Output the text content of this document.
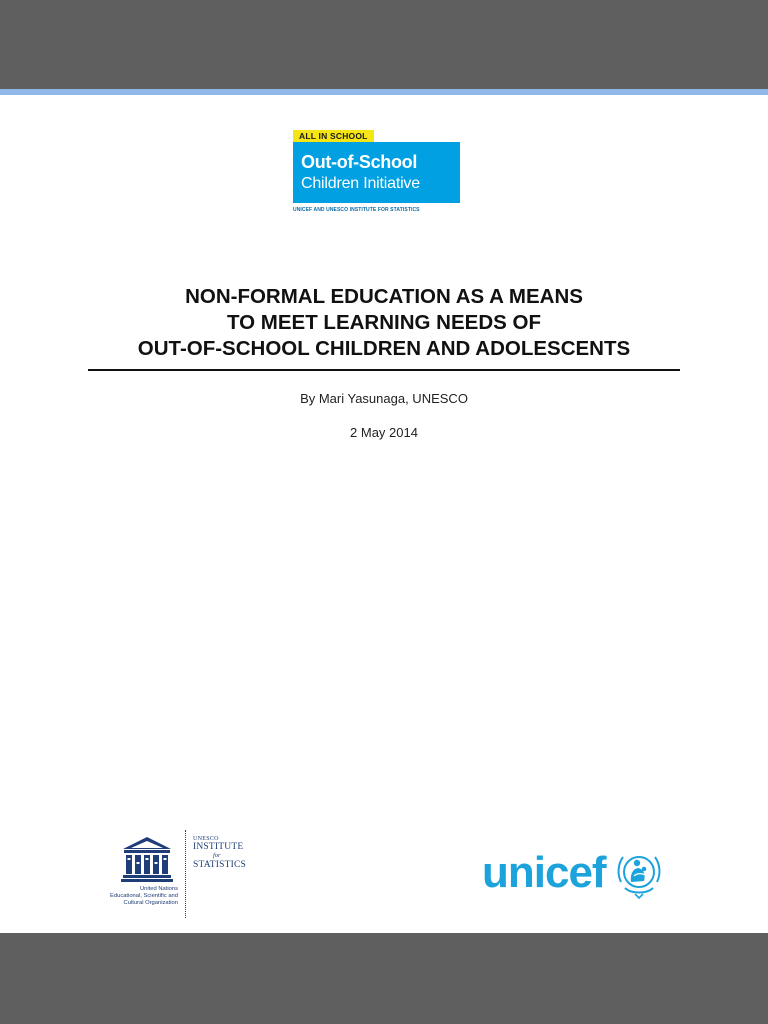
ALL IN SCHOOL
Out-of-School
Children Initiative
UNICEF AND UNESCO INSTITUTE FOR STATISTICS
NON-FORMAL EDUCATION AS A MEANS
TO MEET LEARNING NEEDS OF
OUT-OF-SCHOOL CHILDREN AND ADOLESCENTS
By Mari Yasunaga, UNESCO
2 May 2014
United Nations
Educational, Scientific and
Cultural Organization
UNESCO
INSTITUTE
for
STATISTICS	unicef
